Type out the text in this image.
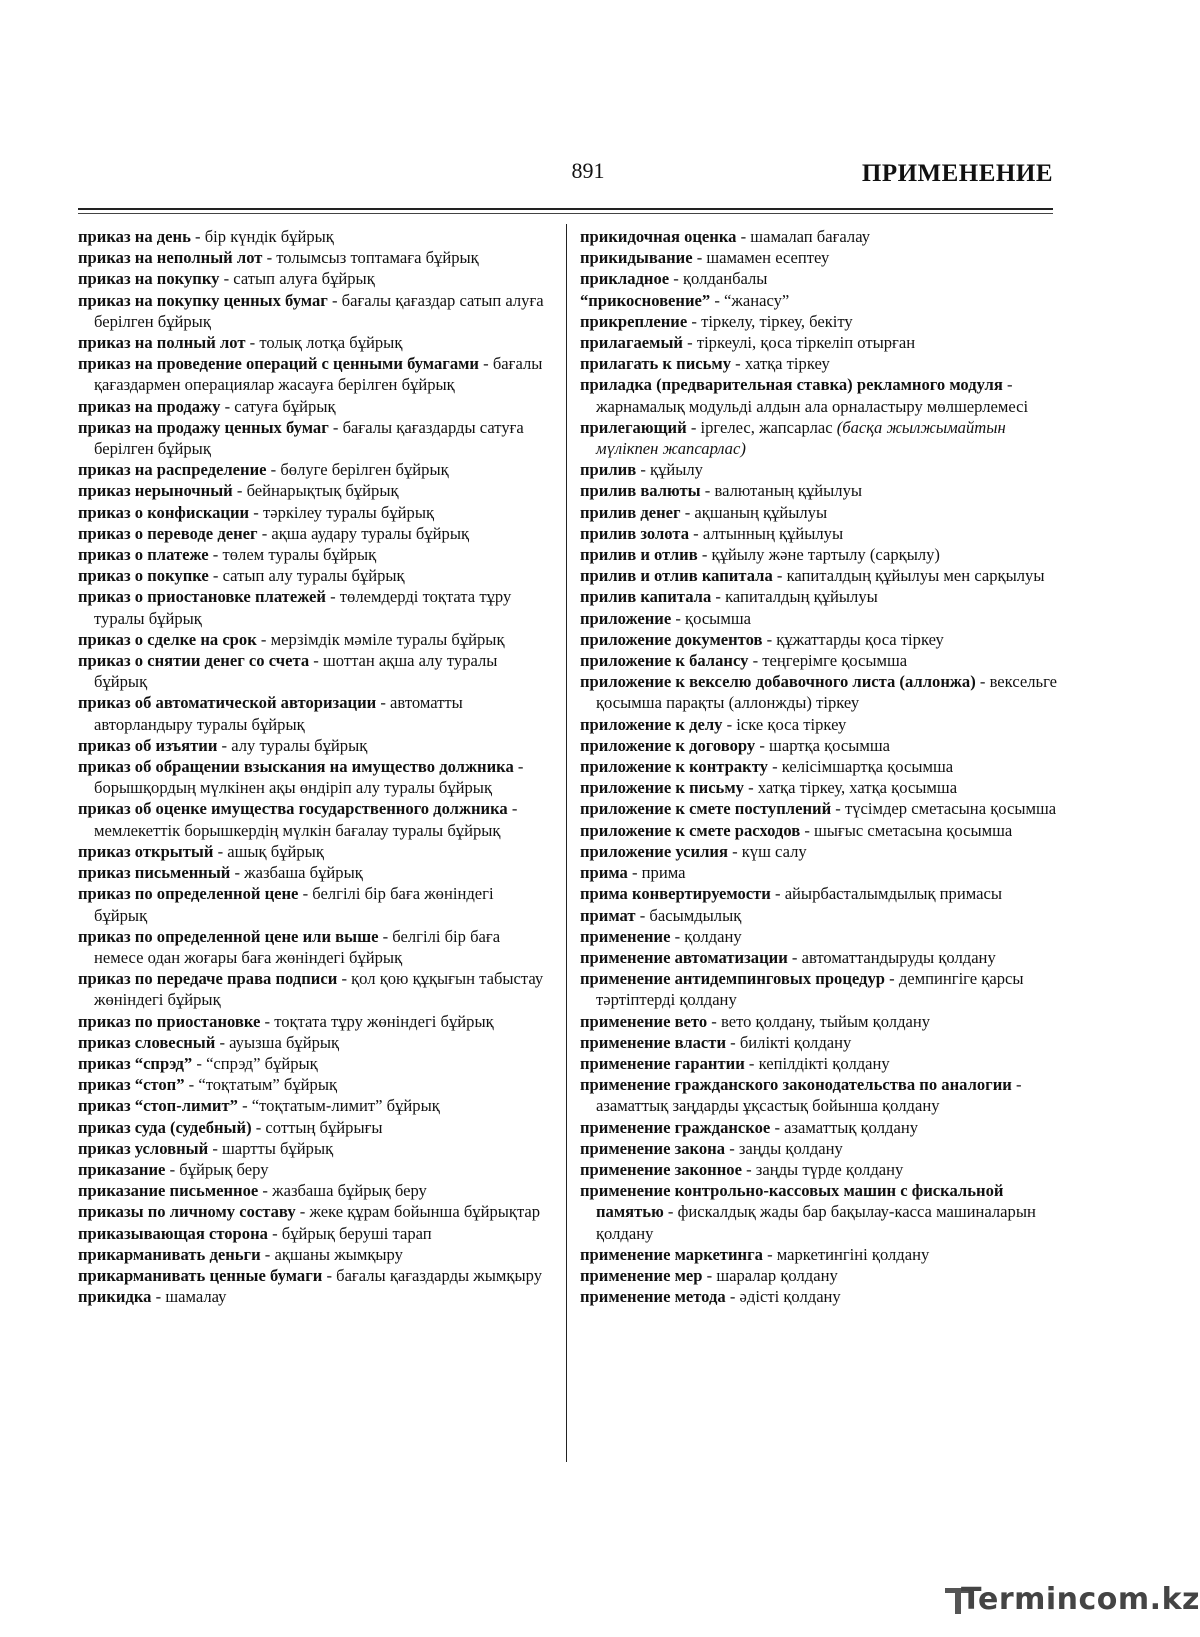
891	ПРИМЕНЕНИЕ

приказ на день - бір күндік бұйрық

приказ на неполный лот - толымсыз топтамаға бұйрық

приказ на покупку - сатып алуға бұйрық

приказ на покупку ценных бумаг - бағалы қағаздар сатып алуға берілген бұйрық

приказ на полный лот - толық лотқа бұйрық

приказ на проведение операций с ценными бумагами - бағалы қағаздармен операциялар жасауға берілген бұйрық

приказ на продажу - сатуға бұйрық

приказ на продажу ценных бумаг - бағалы қағаздарды сатуға берілген бұйрық

приказ на распределение - бөлуге берілген бұйрық

приказ нерыночный - бейнарықтық бұйрық

приказ о конфискации - тәркілеу туралы бұйрық

приказ о переводе денег - ақша аудару туралы бұйрық

приказ о платеже - төлем туралы бұйрық

приказ о покупке - сатып алу туралы бұйрық

приказ о приостановке платежей - төлемдерді тоқтата тұру туралы бұйрық

приказ о сделке на срок - мерзімдік мәміле туралы бұйрық

приказ о снятии денег со счета - шоттан ақша алу туралы бұйрық

приказ об автоматической авторизации - автоматты авторландыру туралы бұйрық

приказ об изъятии - алу туралы бұйрық

приказ об обращении взыскания на имущество должника - борышқордың мүлкінен ақы өндіріп алу туралы бұйрық

приказ об оценке имущества государственного должника - мемлекеттік борышкердің мүлкін бағалау туралы бұйрық

приказ открытый - ашық бұйрық

приказ письменный - жазбаша бұйрық

приказ по определенной цене - белгілі бір баға жөніндегі бұйрық

приказ по определенной цене или выше - белгілі бір баға немесе одан жоғары баға жөніндегі бұйрық

приказ по передаче права подписи - қол қою құқығын табыстау жөніндегі бұйрық

приказ по приостановке - тоқтата тұру жөніндегі бұйрық

приказ словесный - ауызша бұйрық

приказ “спрэд” - “спрэд” бұйрық

приказ “стоп” - “тоқтатым” бұйрық

приказ “стоп-лимит” - “тоқтатым-лимит” бұйрық

приказ суда (судебный) - соттың бұйрығы

приказ условный - шартты бұйрық

приказание - бұйрық беру

приказание письменное - жазбаша бұйрық беру

приказы по личному составу - жеке құрам бойынша бұйрықтар

приказывающая сторона - бұйрық беруші тарап

прикарманивать деньги - ақшаны жымқыру

прикарманивать ценные бумаги - бағалы қағаздарды жымқыру

прикидка - шамалау

прикидочная оценка - шамалап бағалау

прикидывание - шамамен есептеу

прикладное - қолданбалы

“прикосновение” - “жанасу”

прикрепление - тіркелу, тіркеу, бекіту

прилагаемый - тіркеулі, қоса тіркеліп отырған

прилагать к письму - хатқа тіркеу

приладка (предварительная ставка) рекламного модуля - жарнамалық модульді алдын ала орналастыру мөлшерлемесі

прилегающий - іргелес, жапсарлас (басқа жылжымайтын мүлікпен жапсарлас)

прилив - құйылу

прилив валюты - валютаның құйылуы

прилив денег - ақшаның құйылуы

прилив золота - алтынның құйылуы

прилив и отлив - құйылу және тартылу (сарқылу)

прилив и отлив капитала - капиталдың құйылуы мен сарқылуы

прилив капитала - капиталдың құйылуы

приложение - қосымша

приложение документов - құжаттарды қоса тіркеу

приложение к балансу - теңгерімге қосымша

приложение к векселю добавочного листа (аллонжа) - вексельге қосымша парақты (аллонжды) тіркеу

приложение к делу - іске қоса тіркеу

приложение к договору - шартқа қосымша

приложение к контракту - келісімшартқа қосымша

приложение к письму - хатқа тіркеу, хатқа қосымша

приложение к смете поступлений - түсімдер сметасына қосымша

приложение к смете расходов - шығыс сметасына қосымша

приложение усилия - күш салу

прима - прима

прима конвертируемости - айырбасталымдылық примасы

примат - басымдылық

применение - қолдану

применение автоматизации - автоматтандыруды қолдану

применение антидемпинговых процедур - демпингіге қарсы тәртіптерді қолдану

применение вето - вето қолдану, тыйым қолдану

применение власти - билікті қолдану

применение гарантии - кепілдікті қолдану

применение гражданского законодательства по аналогии - азаматтық заңдарды ұқсастық бойынша қолдану

применение гражданское - азаматтық қолдану

применение закона - заңды қолдану

применение законное - заңды түрде қолдану

применение контрольно-кассовых машин с фискальной памятью - фискалдық жады бар бақылау-касса машиналарын қолдану

применение маркетинга - маркетингіні қолдану

применение мер - шаралар қолдану

применение метода - әдісті қолдану

Termincom.kz
